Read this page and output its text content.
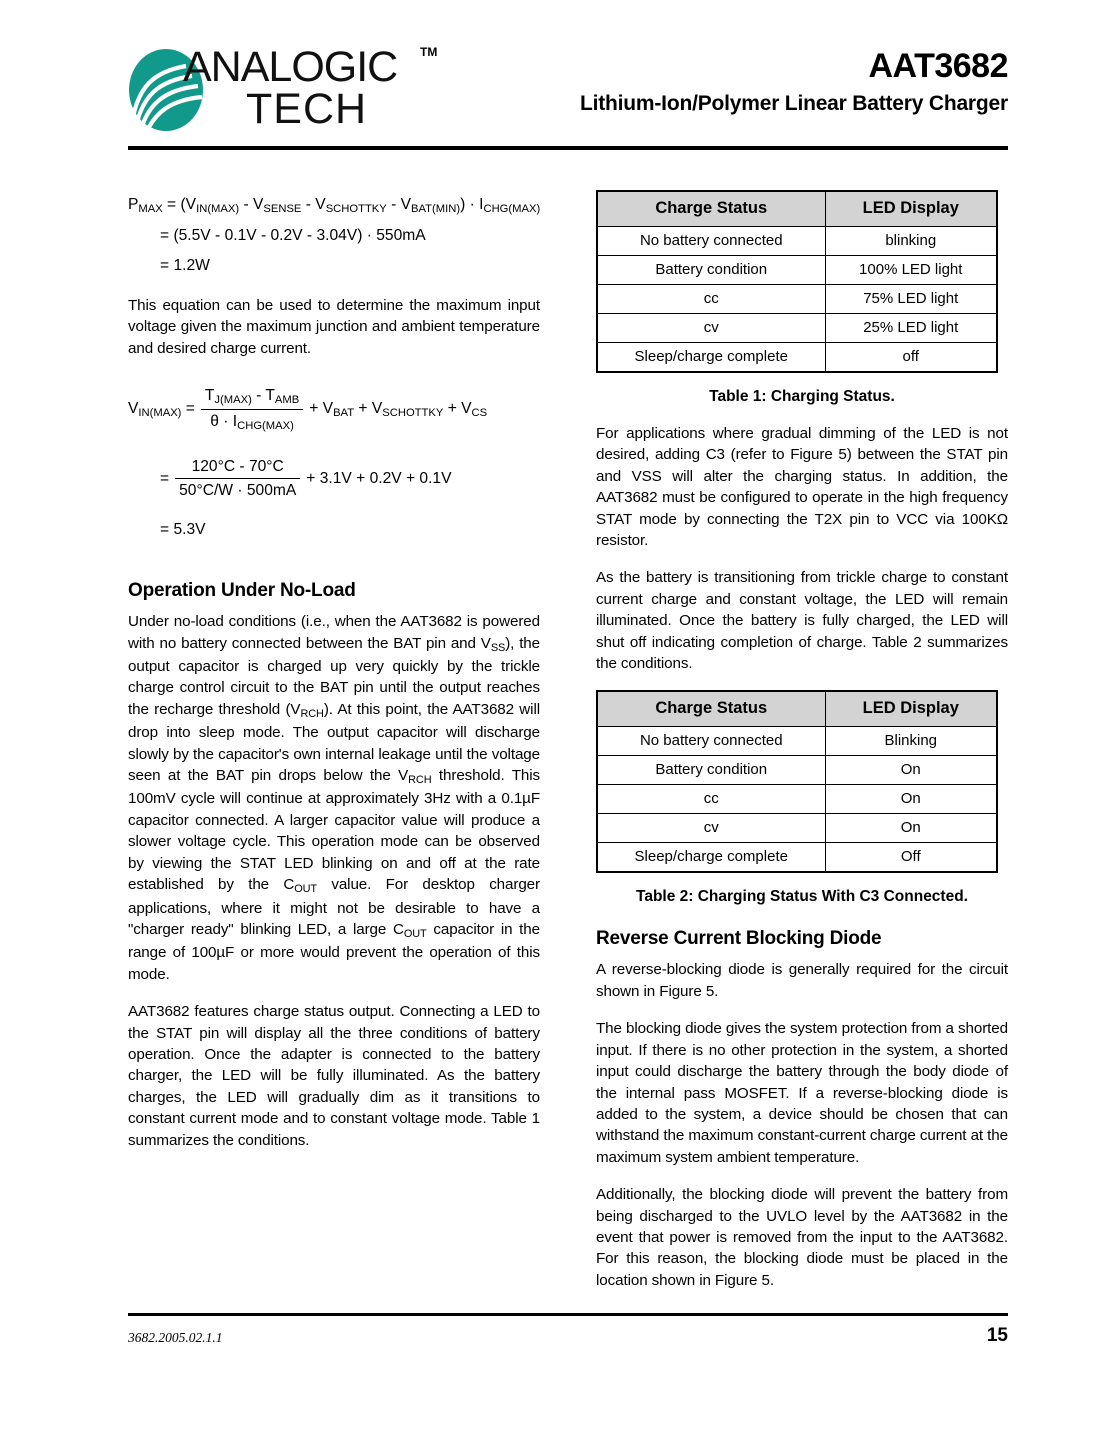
ANALOGIC TM
TECH
AAT3682
Lithium-Ion/Polymer Linear Battery Charger
$P_{MAX} = (V_{IN(MAX)} - V_{SENSE} - V_{SCHOTTKY} - V_{BAT(MIN)}) \cdot I_{CHG(MAX)}$
= (5.5V - 0.1V - 0.2V - 3.04V) · 550mA
= 1.2W

This equation can be used to determine the maximum input voltage given the maximum junction and ambient temperature and desired charge current.

$V_{IN(MAX)} = \frac{T_{J(MAX)} - T_{AMB}}{\theta \cdot I_{CHG(MAX)}} + V_{BAT} + V_{SCHOTTKY} + V_{CS}$
= $\frac{120^\circ C - 70^\circ C}{50^\circ C/W \cdot 500mA} + 3.1V + 0.2V + 0.1V$
= 5.3V
Operation Under No-Load

Under no-load conditions (i.e., when the AAT3682 is powered with no battery connected between the BAT pin and $V_{SS}$), the output capacitor is charged up very quickly by the trickle charge control circuit to the BAT pin until the output reaches the recharge threshold $(V_{RCH})$. At this point, the AAT3682 will drop into sleep mode. The output capacitor will discharge slowly by the capacitor's own internal leakage until the voltage seen at the BAT pin drops below the $V_{RCH}$ threshold. This 100mV cycle will continue at approximately 3Hz with a 0.1µF capacitor connected. A larger capacitor value will produce a slower voltage cycle. This operation mode can be observed by viewing the STAT LED blinking on and off at the rate established by the $C_{OUT}$ value. For desktop charger applications, where it might not be desirable to have a "charger ready" blinking LED, a large $C_{OUT}$ capacitor in the range of 100µF or more would prevent the operation of this mode.

AAT3682 features charge status output. Connecting a LED to the STAT pin will display all the three conditions of battery operation. Once the adapter is connected to the battery charger, the LED will be fully illuminated. As the battery charges, the LED will gradually dim as it transitions to constant current mode and to constant voltage mode. Table 1 summarizes the conditions.

Charge Status	LED Display
No battery connected	blinking
Battery condition	100% LED light
cc	75% LED light
cv	25% LED light
Sleep/charge complete	off
Table 1: Charging Status.

For applications where gradual dimming of the LED is not desired, adding C3 (refer to Figure 5) between the STAT pin and VSS will alter the charging status. In addition, the AAT3682 must be configured to operate in the high frequency STAT mode by connecting the T2X pin to VCC via 100KΩ resistor.

As the battery is transitioning from trickle charge to constant current charge and constant voltage, the LED will remain illuminated. Once the battery is fully charged, the LED will shut off indicating completion of charge. Table 2 summarizes the conditions.

Charge Status	LED Display
No battery connected	Blinking
Battery condition	On
cc	On
cv	On
Sleep/charge complete	Off
Table 2: Charging Status With C3 Connected.
Reverse Current Blocking Diode

A reverse-blocking diode is generally required for the circuit shown in Figure 5.

The blocking diode gives the system protection from a shorted input. If there is no other protection in the system, a shorted input could discharge the battery through the body diode of the internal pass MOSFET. If a reverse-blocking diode is added to the system, a device should be chosen that can withstand the maximum constant-current charge current at the maximum system ambient temperature.

Additionally, the blocking diode will prevent the battery from being discharged to the UVLO level by the AAT3682 in the event that power is removed from the input to the AAT3682. For this reason, the blocking diode must be placed in the location shown in Figure 5.

3682.2005.02.1.1	15
